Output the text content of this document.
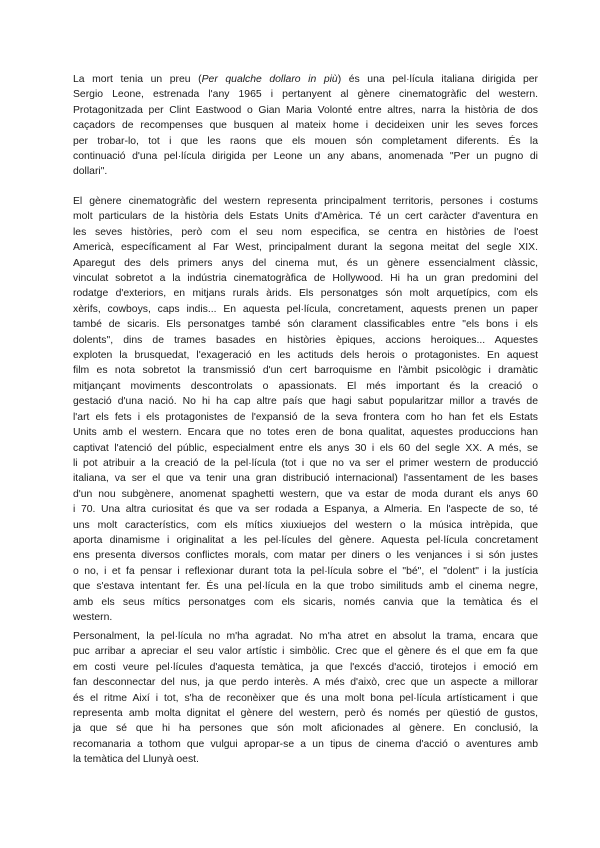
La mort tenia un preu (Per qualche dollaro in più) és una pel·lícula italiana dirigida per
Sergio Leone, estrenada l'any 1965 i pertanyent al gènere cinematogràfic del western.
Protagonitzada per Clint Eastwood o Gian Maria Volonté entre altres, narra la història de dos
caçadors de recompenses que busquen al mateix home i decideixen unir les seves forces
per trobar-lo, tot i que les raons que els mouen són completament diferents. És la
continuació d'una pel·lícula dirigida per Leone un any abans, anomenada "Per un pugno di
dollari".
El gènere cinematogràfic del western representa principalment territoris, persones i costums
molt particulars de la història dels Estats Units d'Amèrica. Té un cert caràcter d'aventura en
les seves històries, però com el seu nom especifica, se centra en històries de l'oest
Americà, específicament al Far West, principalment durant la segona meitat del segle XIX.
Aparegut des dels primers anys del cinema mut, és un gènere essencialment clàssic,
vinculat sobretot a la indústria cinematogràfica de Hollywood. Hi ha un gran predomini del
rodatge d'exteriors, en mitjans rurals àrids. Els personatges són molt arquetípics, com els
xèrifs, cowboys, caps indis... En aquesta pel·lícula, concretament, aquests prenen un paper
també de sicaris. Els personatges també són clarament classificables entre "els bons i els
dolents", dins de trames basades en històries èpiques, accions heroiques... Aquestes
exploten la brusquedat, l'exageració en les actituds dels herois o protagonistes. En aquest
film es nota sobretot la transmissió d'un cert barroquisme en l'àmbit psicològic i dramàtic
mitjançant moviments descontrolats o apassionats. El més important és la creació o
gestació d'una nació. No hi ha cap altre país que hagi sabut popularitzar millor a través de
l'art els fets i els protagonistes de l'expansió de la seva frontera com ho han fet els Estats
Units amb el western. Encara que no totes eren de bona qualitat, aquestes produccions han
captivat l'atenció del públic, especialment entre els anys 30 i els 60 del segle XX. A més, se
li pot atribuir a la creació de la pel·lícula (tot i que no va ser el primer western de producció
italiana, va ser el que va tenir una gran distribució internacional) l'assentament de les bases
d'un nou subgènere, anomenat spaghetti western, que va estar de moda durant els anys 60
i 70. Una altra curiositat és que va ser rodada a Espanya, a Almeria. En l'aspecte de so, té
uns molt característics, com els mítics xiuxiuejos del western o la música intrèpida, que
aporta dinamisme i originalitat a les pel·lícules del gènere. Aquesta pel·lícula concretament
ens presenta diversos conflictes morals, com matar per diners o les venjances i si són justes
o no, i et fa pensar i reflexionar durant tota la pel·lícula sobre el "bé", el "dolent" i la justícia
que s'estava intentant fer. És una pel·lícula en la que trobo similituds amb el cinema negre,
amb els seus mítics personatges com els sicaris, només canvia que la temàtica és el
western.
Personalment, la pel·lícula no m'ha agradat. No m'ha atret en absolut la trama, encara que
puc arribar a apreciar el seu valor artístic i simbòlic. Crec que el gènere és el que em fa que
em costi veure pel·lícules d'aquesta temàtica, ja que l'excés d'acció, tirotejos i emoció em
fan desconnectar del nus, ja que perdo interès. A més d'això, crec que un aspecte a millorar
és el ritme Així i tot, s'ha de reconèixer que és una molt bona pel·lícula artísticament i que
representa amb molta dignitat el gènere del western, però és només per qüestió de gustos,
ja que sé que hi ha persones que són molt aficionades al gènere. En conclusió, la
recomanaria a tothom que vulgui apropar-se a un tipus de cinema d'acció o aventures amb
la temàtica del Llunyà oest.
